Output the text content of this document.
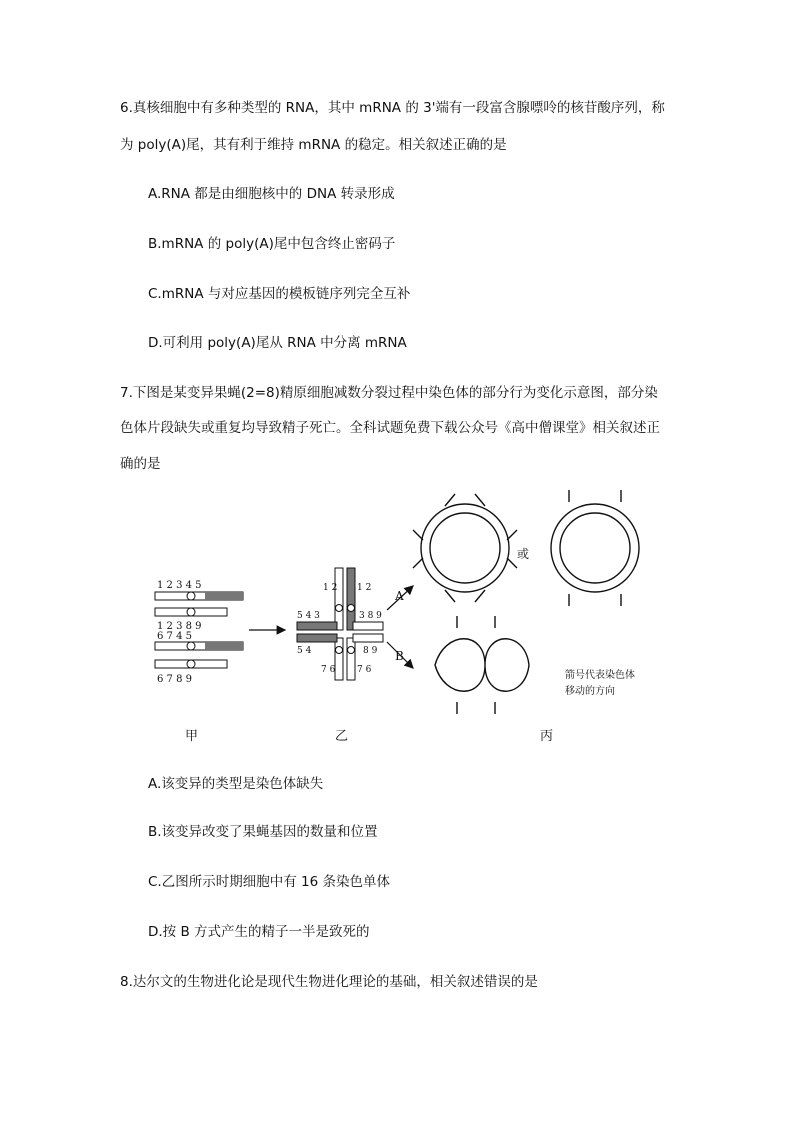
6.真核细胞中有多种类型的 RNA，其中 mRNA 的 3'端有一段富含腺嘌呤的核苷酸序列，称
为 poly(A)尾，其有利于维持 mRNA 的稳定。相关叙述正确的是
A.RNA 都是由细胞核中的 DNA 转录形成
B.mRNA 的 poly(A)尾中包含终止密码子
C.mRNA 与对应基因的模板链序列完全互补
D.可利用 poly(A)尾从 RNA 中分离 mRNA
7.下图是某变异果蝇(2=8)精原细胞减数分裂过程中染色体的部分行为变化示意图，部分染
色体片段缺失或重复均导致精子死亡。全科试题免费下载公众号《高中僧课堂》相关叙述正
确的是
1 2 3 4 5
1 2 3 8 9
6 7 4 5
6 7 8 9
1 2 1 2
5 4 3	3 8 9
5 4	8 9
7 6 7 6
A
B
或
箭号代表染色体
移动的方向
甲	乙	丙
A.该变异的类型是染色体缺失
B.该变异改变了果蝇基因的数量和位置
C.乙图所示时期细胞中有 16 条染色单体
D.按 B 方式产生的精子一半是致死的
8.达尔文的生物进化论是现代生物进化理论的基础，相关叙述错误的是
